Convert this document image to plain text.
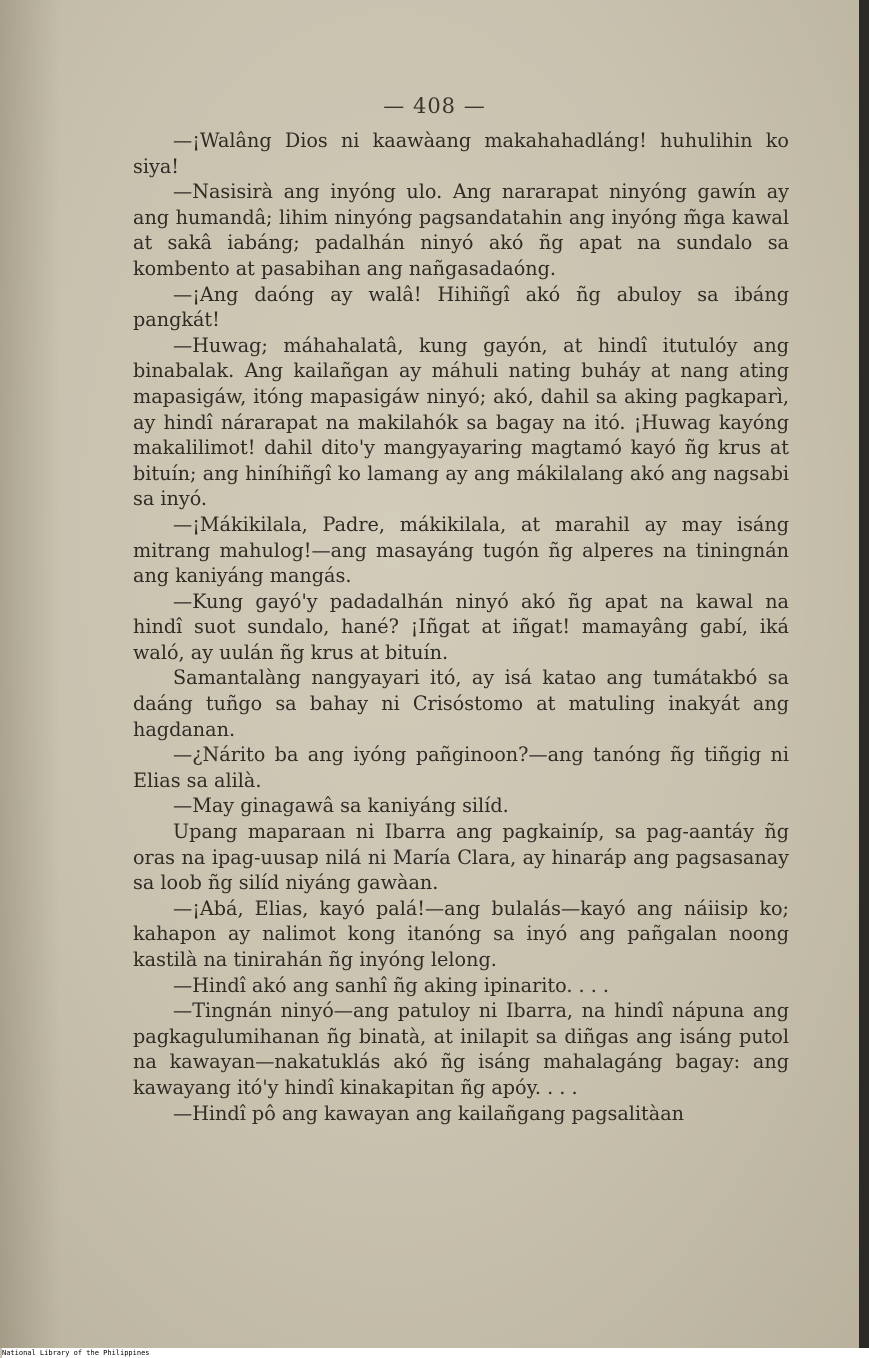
— 408 —

—¡Walâng Dios ni kaawàang makahahadláng! huhulihin ko siya!

—Nasisirà ang inyóng ulo. Ang nararapat ninyóng gawín ay ang humandâ; lihim ninyóng pagsandatahin ang inyóng m̃ga kawal at sakâ iabáng; padalhán ninyó akó ñg apat na sundalo sa kombento at pasabihan ang nañgasadaóng.

—¡Ang daóng ay walâ! Hihiñgî akó ñg abuloy sa ibáng pangkát!

—Huwag; máhahalatâ, kung gayón, at hindî itutulóy ang binabalak. Ang kailañgan ay máhuli nating buháy at nang ating mapasigáw, itóng mapasigáw ninyó; akó, dahil sa aking pagkaparì, ay hindî nárarapat na makilahók sa bagay na itó. ¡Huwag kayóng makalilimot! dahil dito'y mangyayaring magtamó kayó ñg krus at bituín; ang hiníhiñgî ko lamang ay ang mákilalang akó ang nagsabi sa inyó.

—¡Mákikilala, Padre, mákikilala, at marahil ay may isáng mitrang mahulog!—ang masayáng tugón ñg alperes na tiningnán ang kaniyáng mangás.

—Kung gayó'y padadalhán ninyó akó ñg apat na kawal na hindî suot sundalo, hané? ¡Iñgat at iñgat! mamayâng gabí, iká waló, ay uulán ñg krus at bituín.

Samantalàng nangyayari itó, ay isá katao ang tumátakbó sa daáng tuñgo sa bahay ni Crisóstomo at matuling inakyát ang hagdanan.

—¿Nárito ba ang iyóng pañginoon?—ang tanóng ñg tiñgig ni Elias sa alilà.

—May ginagawâ sa kaniyáng silíd.

Upang maparaan ni Ibarra ang pagkainíp, sa pag-aantáy ñg oras na ipag-uusap nilá ni María Clara, ay hinaráp ang pagsasanay sa loob ñg silíd niyáng gawàan.

—¡Abá, Elias, kayó palá!—ang bulalás—kayó ang náiisip ko; kahapon ay nalimot kong itanóng sa inyó ang pañgalan noong kastilà na tinirahán ñg inyóng lelong.

—Hindî akó ang sanhî ñg aking ipinarito. . . .

—Tingnán ninyó—ang patuloy ni Ibarra, na hindî nápuna ang pagkagulumihanan ñg binatà, at inilapit sa diñgas ang isáng putol na kawayan—nakatuklás akó ñg isáng mahalagáng bagay: ang kawayang itó'y hindî kinakapitan ñg apóy. . . .

—Hindî pô ang kawayan ang kailañgang pagsalitàan

National Library of the Philippines
